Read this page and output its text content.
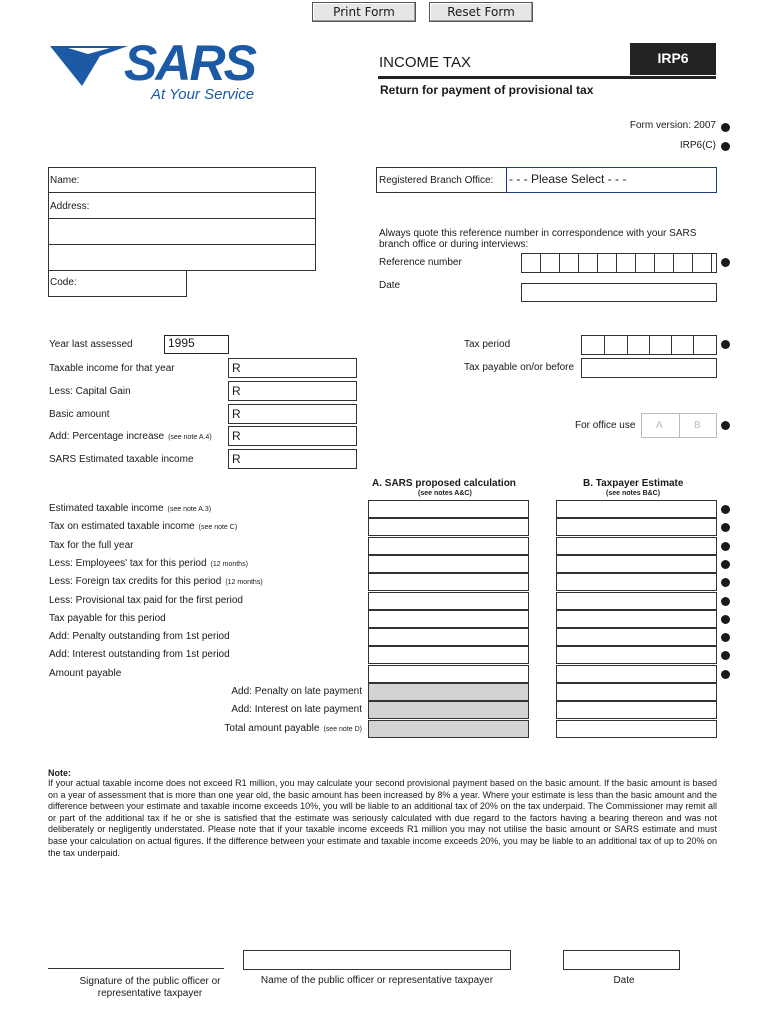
Print Form	Reset Form
SARS
At Your Service
INCOME TAX	IRP6
Return for payment of provisional tax
Form version: 2007
IRP6(C)
Name:
Address:
Code:
Registered Branch Office: - - - Please Select - - -
Always quote this reference number in correspondence with your SARS branch office or during interviews:
Reference number
Date
Year last assessed	1995
Taxable income for that year	R
Less: Capital Gain	R
Basic amount	R
Add: Percentage increase (see note A.4)	R
SARS Estimated taxable income	R
Tax period
Tax payable on/or before
For office use A	B
A. SARS proposed calculation
(see notes A&C)
B. Taxpayer Estimate
(see notes B&C)
Estimated taxable income (see note A.3)
Tax on estimated taxable income (see note C)
Tax for the full year
Less: Employees' tax for this period (12 months)
Less: Foreign tax credits for this period (12 months)
Less: Provisional tax paid for the first period
Tax payable for this period
Add: Penalty outstanding from 1st period
Add: Interest outstanding from 1st period
Amount payable
Add: Penalty on late payment
Add: Interest on late payment
Total amount payable (see note D)
Note:
If your actual taxable income does not exceed R1 million, you may calculate your second provisional payment based on the basic amount. If the basic amount is based on a year of assessment that is more than one year old, the basic amount has been increased by 8% a year. Where your estimate is less than the basic amount and the difference between your estimate and taxable income exceeds 10%, you will be liable to an additional tax of 20% on the tax underpaid. The Commissioner may remit all or part of the additional tax if he or she is satisfied that the estimate was seriously calculated with due regard to the factors having a bearing thereon and was not deliberately or negligently understated. Please note that if your taxable income exceeds R1 million you may not utilise the basic amount or SARS estimate and must base your calculation on actual figures. If the difference between your estimate and taxable income exceeds 20%, you may be liable to an additional tax of up to 20% on the tax underpaid.
Signature of the public officer or representative taxpayer
Name of the public officer or representative taxpayer	Date
